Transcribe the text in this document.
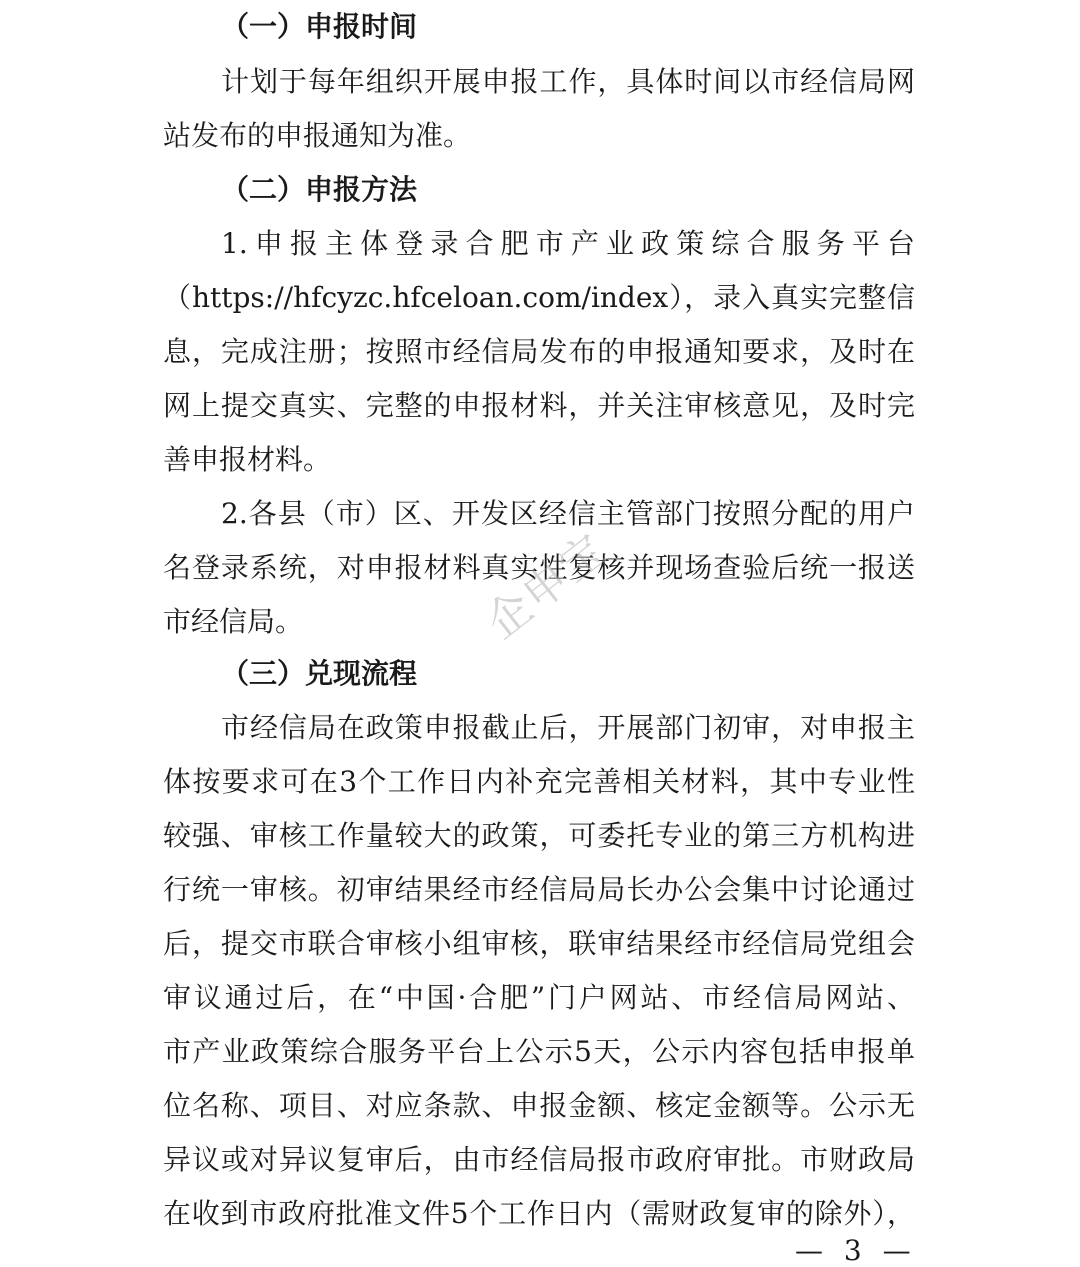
（一）申报时间
计划于每年组织开展申报工作，具体时间以市经信局网
站发布的申报通知为准。
（二）申报方法
1.申报主体登录合肥市产业政策综合服务平台
（https://hfcyzc.hfceloan.com/index），录入真实完整信
息，完成注册；按照市经信局发布的申报通知要求，及时在
网上提交真实、完整的申报材料，并关注审核意见，及时完
善申报材料。
2.各县（市）区、开发区经信主管部门按照分配的用户
名登录系统，对申报材料真实性复核并现场查验后统一报送
市经信局。
（三）兑现流程
市经信局在政策申报截止后，开展部门初审，对申报主
体按要求可在3个工作日内补充完善相关材料，其中专业性
较强、审核工作量较大的政策，可委托专业的第三方机构进
行统一审核。初审结果经市经信局局长办公会集中讨论通过
后，提交市联合审核小组审核，联审结果经市经信局党组会
审议通过后，在“中国·合肥”门户网站、市经信局网站、
市产业政策综合服务平台上公示5天，公示内容包括申报单
位名称、项目、对应条款、申报金额、核定金额等。公示无
异议或对异议复审后，由市经信局报市政府审批。市财政局
在收到市政府批准文件5个工作日内（需财政复审的除外），
企申宝
— 3 —
